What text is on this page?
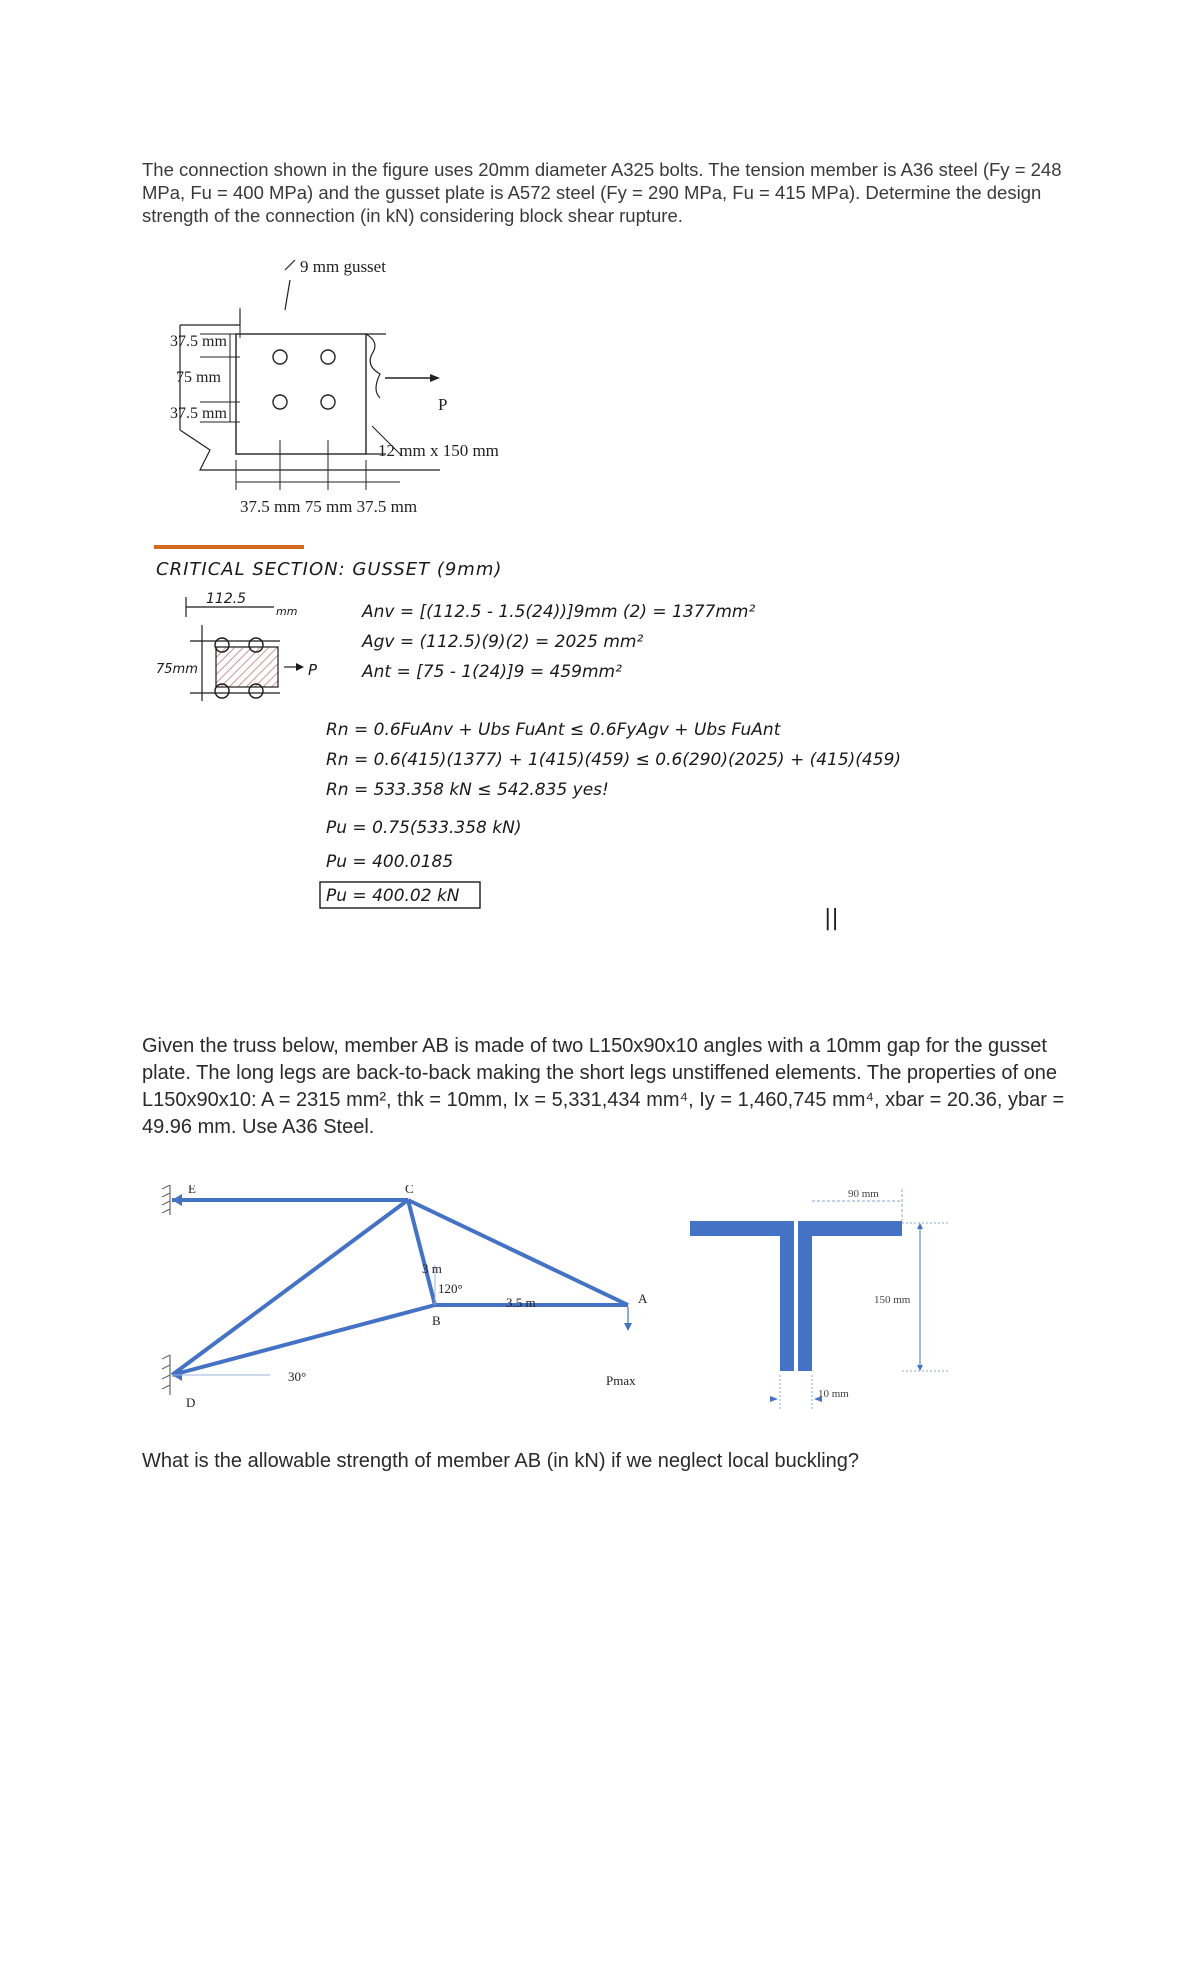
The connection shown in the figure uses 20mm diameter A325 bolts. The tension member is A36 steel (Fy = 248 MPa, Fu = 400 MPa) and the gusset plate is A572 steel (Fy = 290 MPa, Fu = 415 MPa). Determine the design strength of the connection (in kN) considering block shear rupture.
9 mm gusset
P
37.5 mm
75 mm
37.5 mm
12 mm x 150 mm
37.5 mm 75 mm 37.5 mm
CRITICAL SECTION: GUSSET (9mm)
112.5
mm
P
75mm
Anv = [(112.5 - 1.5(24))]9mm (2) = 1377mm²
Agv = (112.5)(9)(2) = 2025 mm²
Ant = [75 - 1(24)]9 = 459mm²
Rn = 0.6FuAnv + Ubs FuAnt ≤ 0.6FyAgv + Ubs FuAnt
Rn = 0.6(415)(1377) + 1(415)(459) ≤ 0.6(290)(2025) + (415)(459)
Rn = 533.358 kN ≤ 542.835 yes!
Pu = 0.75(533.358 kN)
Pu = 400.0185
Pu = 400.02 kN
||
Given the truss below, member AB is made of two L150x90x10 angles with a 10mm gap for the gusset plate. The long legs are back-to-back making the short legs unstiffened elements. The properties of one L150x90x10: A = 2315 mm², thk = 10mm, Ix = 5,331,434 mm⁴, Iy = 1,460,745 mm⁴, xbar = 20.36, ybar = 49.96 mm. Use A36 Steel.
E	C
A
B
D
3 m
120°
3.5 m
30°	Pmax
90 mm
150 mm
10 mm
What is the allowable strength of member AB (in kN) if we neglect local buckling?
